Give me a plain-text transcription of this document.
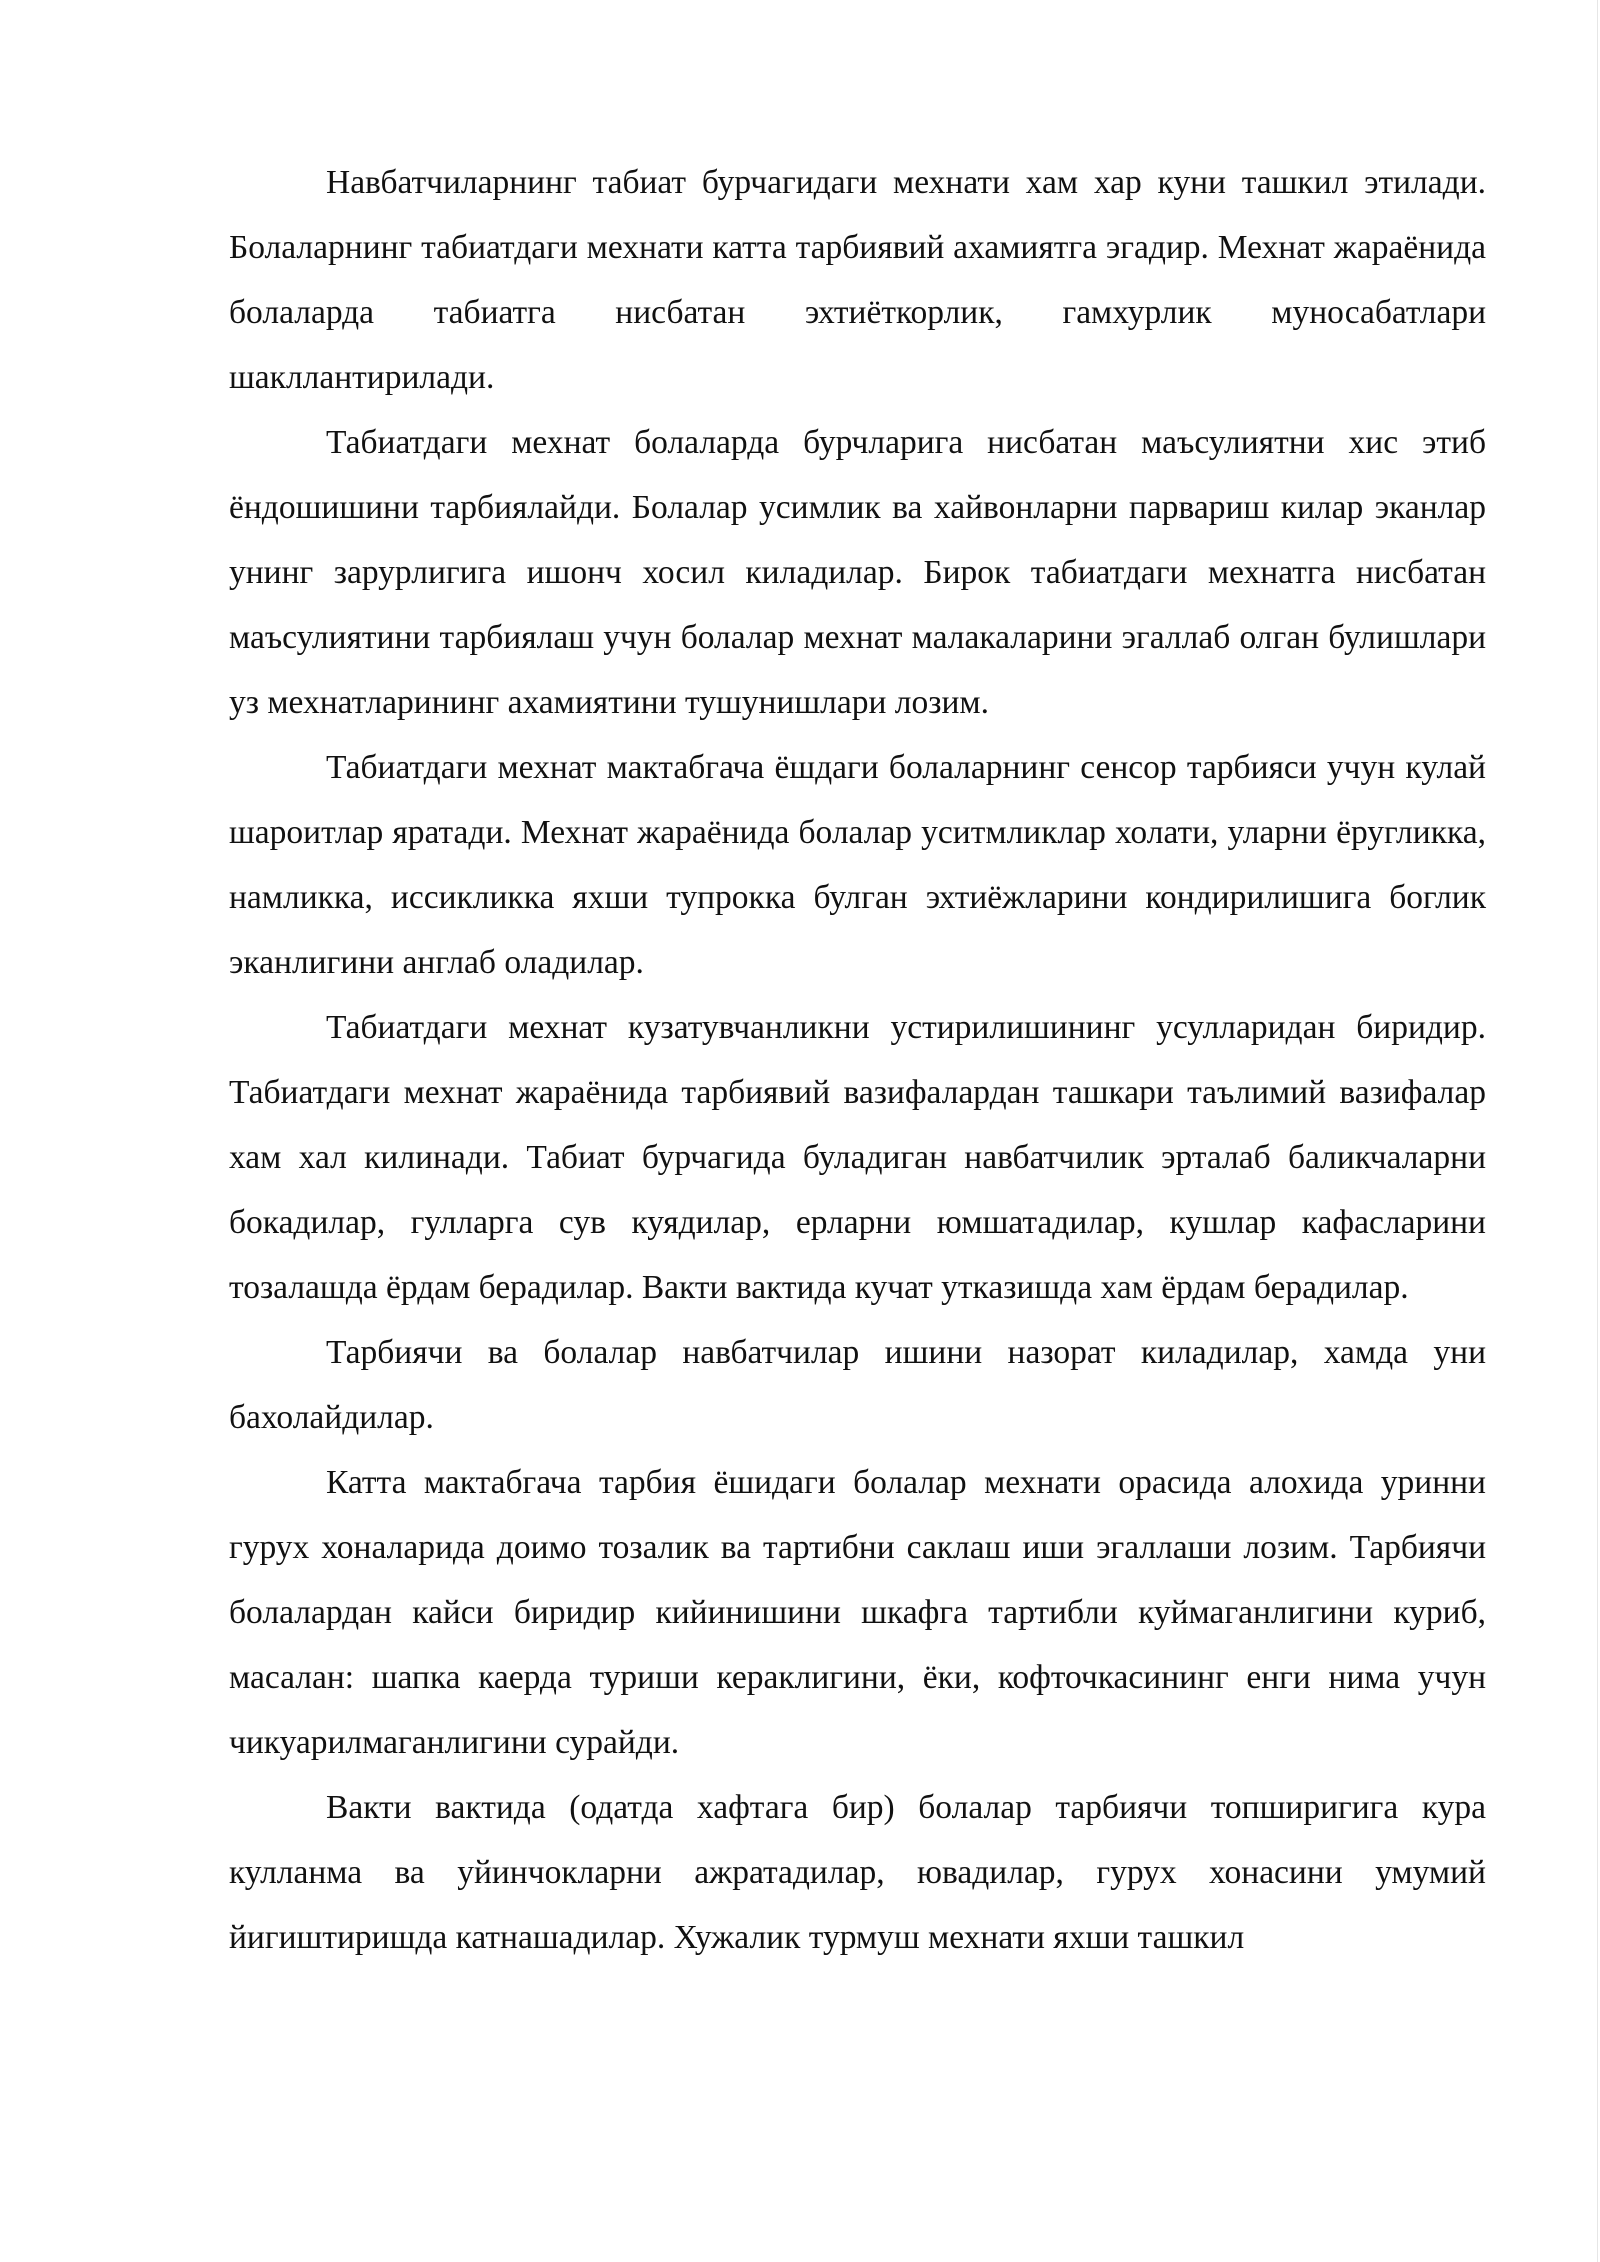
Навбатчиларнинг табиат бурчагидаги мехнати хам хар куни ташкил этилади. Болаларнинг табиатдаги мехнати катта тарбиявий ахамиятга эгадир. Мехнат жараёнида болаларда табиатга нисбатан эхтиёткорлик, гамхурлик муносабатлари шакллантирилади.

Табиатдаги мехнат болаларда бурчларига нисбатан маъсулиятни хис этиб ёндошишини тарбиялайди. Болалар усимлик ва хайвонларни парвариш килар эканлар унинг зарурлигига ишонч хосил киладилар. Бирок табиатдаги мехнатга нисбатан маъсулиятини тарбиялаш учун болалар мехнат малакаларини эгаллаб олган булишлари уз мехнатларининг ахамиятини тушунишлари лозим.

Табиатдаги мехнат мактабгача ёшдаги болаларнинг сенсор тарбияси учун кулай шароитлар яратади. Мехнат жараёнида болалар уситмликлар холати, уларни ёругликка, намликка, иссикликка яхши тупрокка булган эхтиёжларини кондирилишига боглик эканлигини англаб оладилар.

Табиатдаги мехнат кузатувчанликни устирилишининг усулларидан биридир. Табиатдаги мехнат жараёнида тарбиявий вазифалардан ташкари таълимий вазифалар хам хал килинади. Табиат бурчагида буладиган навбатчилик эрталаб баликчаларни бокадилар, гулларга сув куядилар, ерларни юмшатадилар, кушлар кафасларини тозалашда ёрдам берадилар. Вакти вактида кучат утказишда хам ёрдам берадилар.

Тарбиячи ва болалар навбатчилар ишини назорат киладилар, хамда уни бахолайдилар.

Катта мактабгача тарбия ёшидаги болалар мехнати орасида алохида уринни гурух хоналарида доимо тозалик ва тартибни саклаш иши эгаллаши лозим. Тарбиячи болалардан кайси биридир кийинишини шкафга тартибли куймаганлигини куриб, масалан: шапка каерда туриши кераклигини, ёки, кофточкасининг енги нима учун чикуарилмаганлигини сурайди.

Вакти вактида (одатда хафтага бир) болалар тарбиячи топширигига кура кулланма ва уйинчокларни ажратадилар, ювадилар, гурух хонасини умумий йигиштиришда катнашадилар. Хужалик турмуш мехнати яхши ташкил
